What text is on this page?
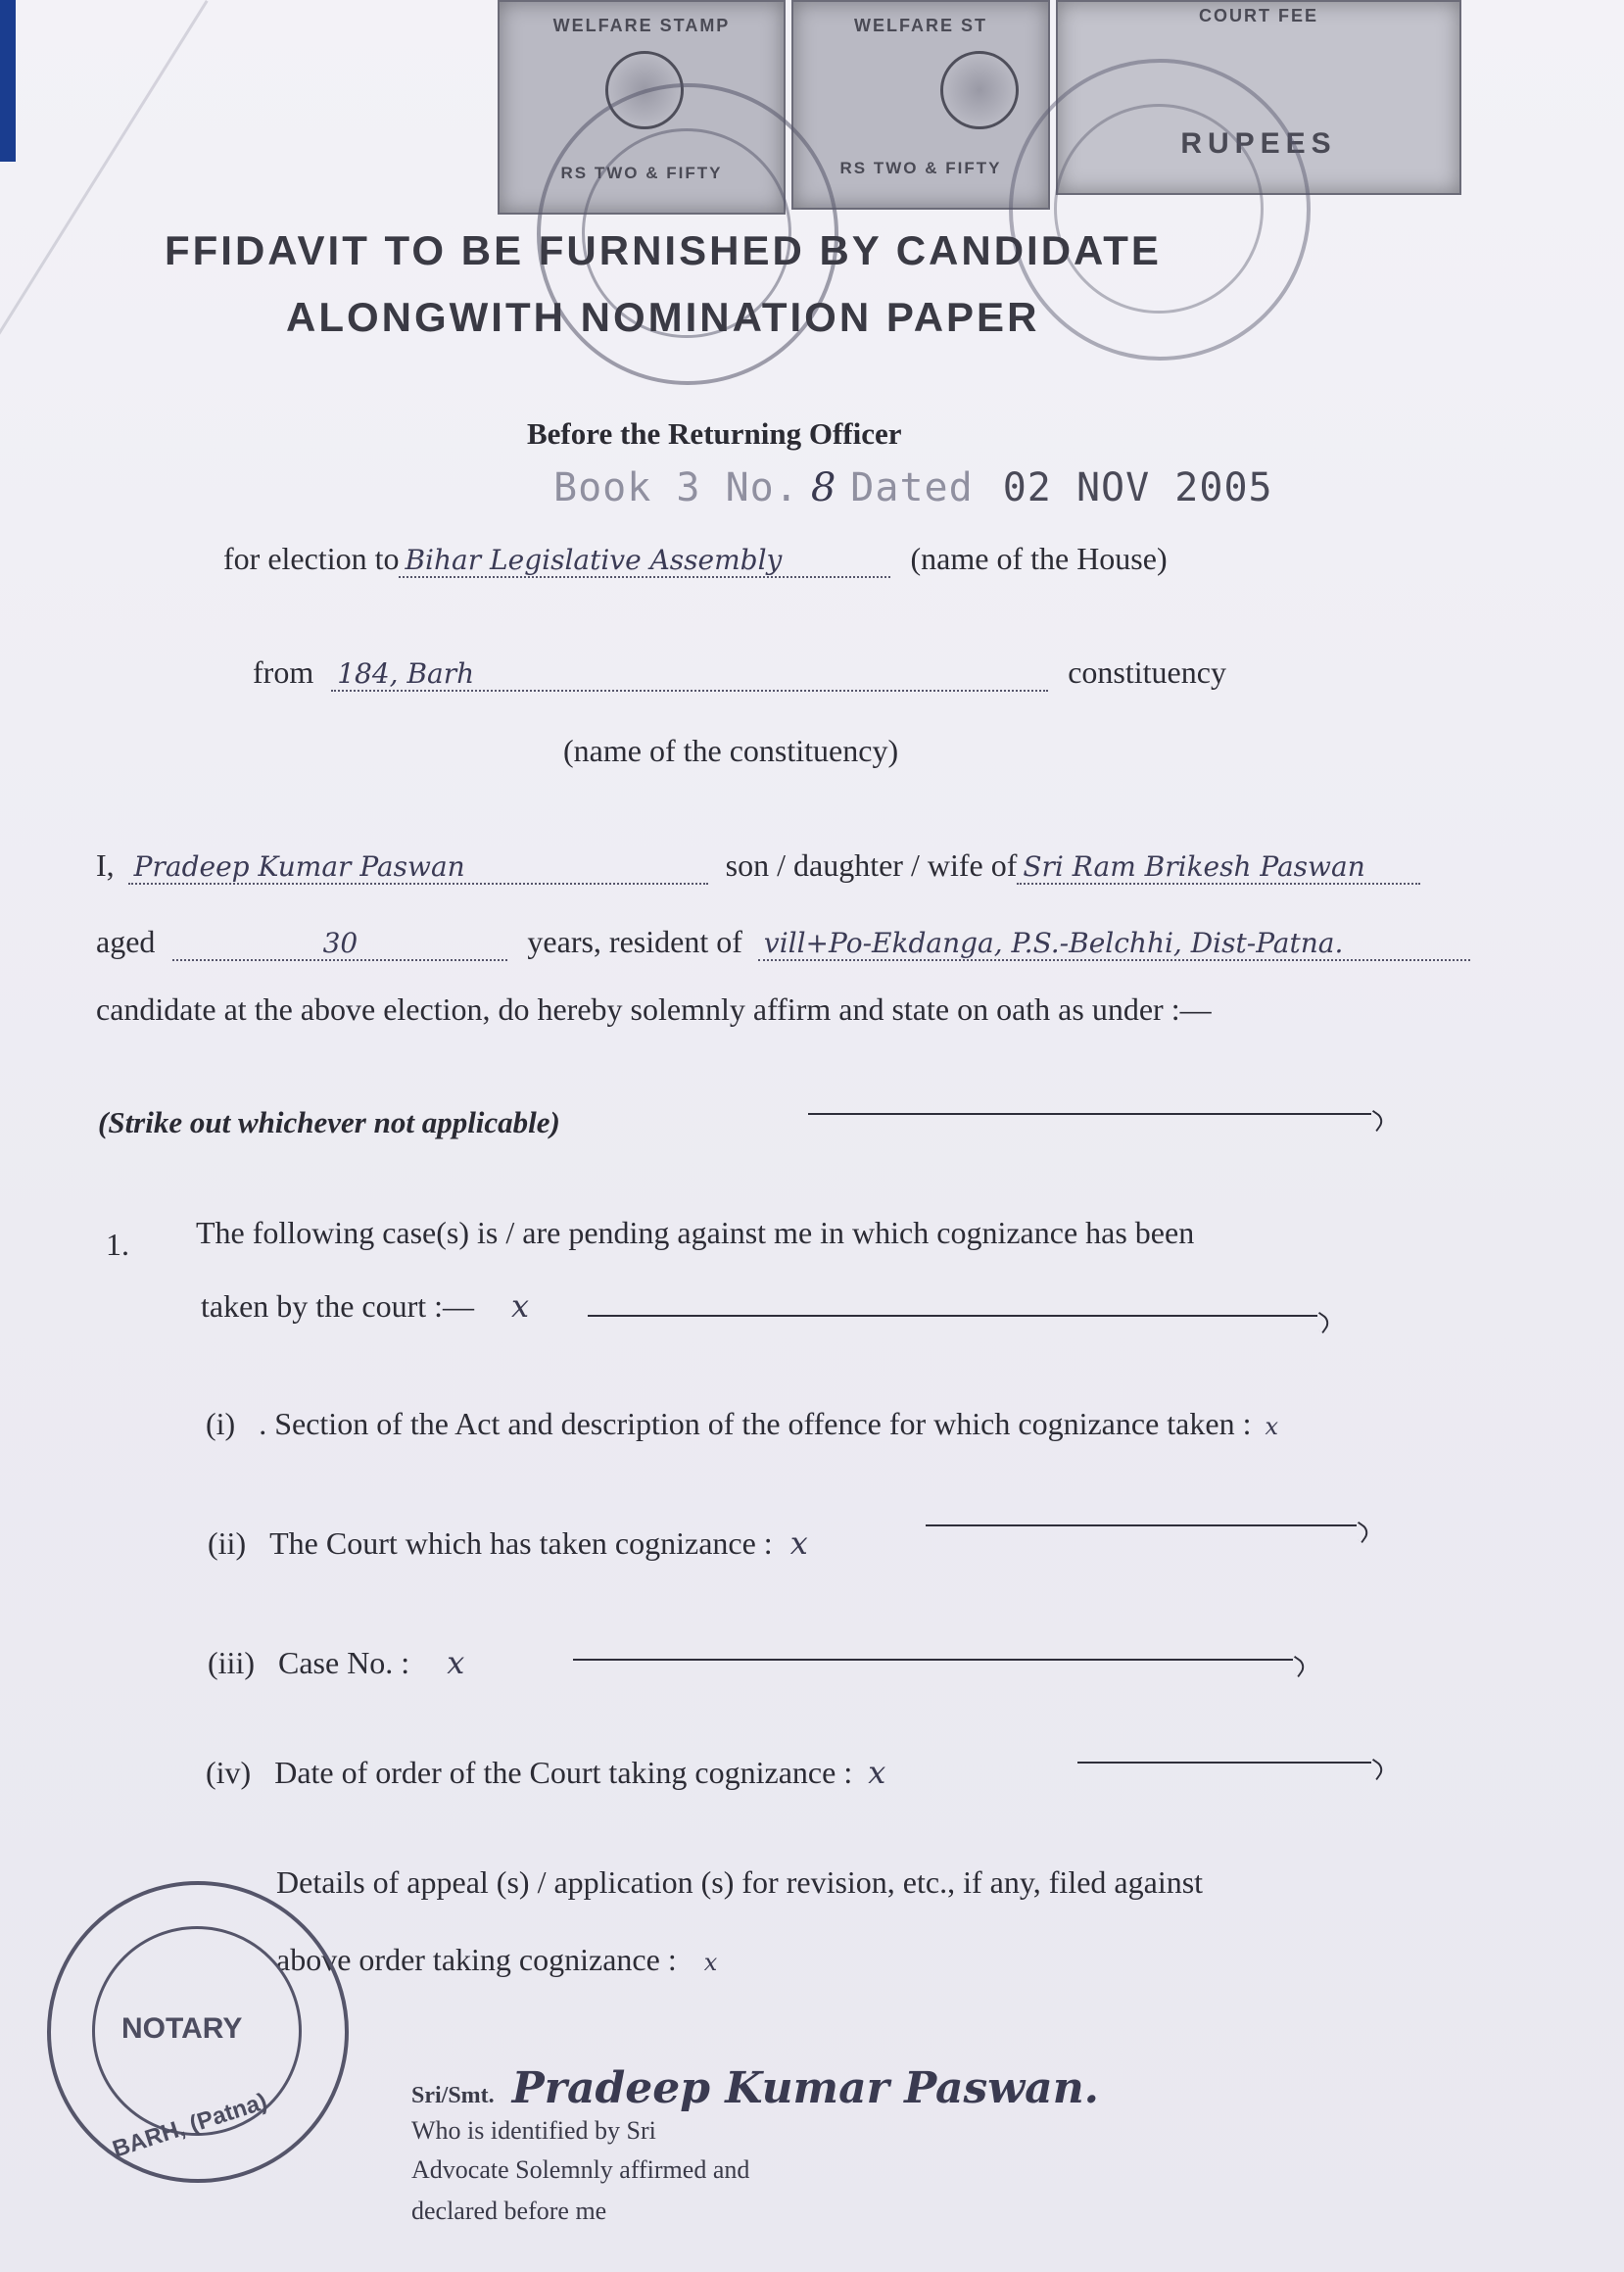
WELFARE STAMP
RS TWO & FIFTY
WELFARE ST
RS TWO & FIFTY
COURT FEE
RUPEES
FFIDAVIT TO BE FURNISHED BY CANDIDATE
ALONGWITH NOMINATION PAPER
Before the Returning Officer
Book 3 No. 8 Dated 02 NOV 2005
for election to Bihar Legislative Assembly	(name of the House)
from 184, Barh	constituency
(name of the constituency)
I, Pradeep Kumar Paswan	son / daughter / wife of Sri Ram Brikesh Paswan
aged	30	years, resident of vill+Po-Ekdanga, P.S.-Belchhi, Dist-Patna.
candidate at the above election, do hereby solemnly affirm and state on oath as under :—
(Strike out whichever not applicable)
1. The following case(s) is / are pending against me in which cognizance has been
taken by the court :— x
(i) . Section of the Act and description of the offence for which cognizance taken : x
(ii) The Court which has taken cognizance : x
(iii) Case No. : x
(iv) Date of order of the Court taking cognizance : x
Details of appeal (s) / application (s) for revision, etc., if any, filed against
above order taking cognizance : x
NOTARY
BARH, (Patna)	Sri/Smt. Pradeep Kumar Paswan.
Who is identified by Sri
Advocate Solemnly affirmed and
declared before me
